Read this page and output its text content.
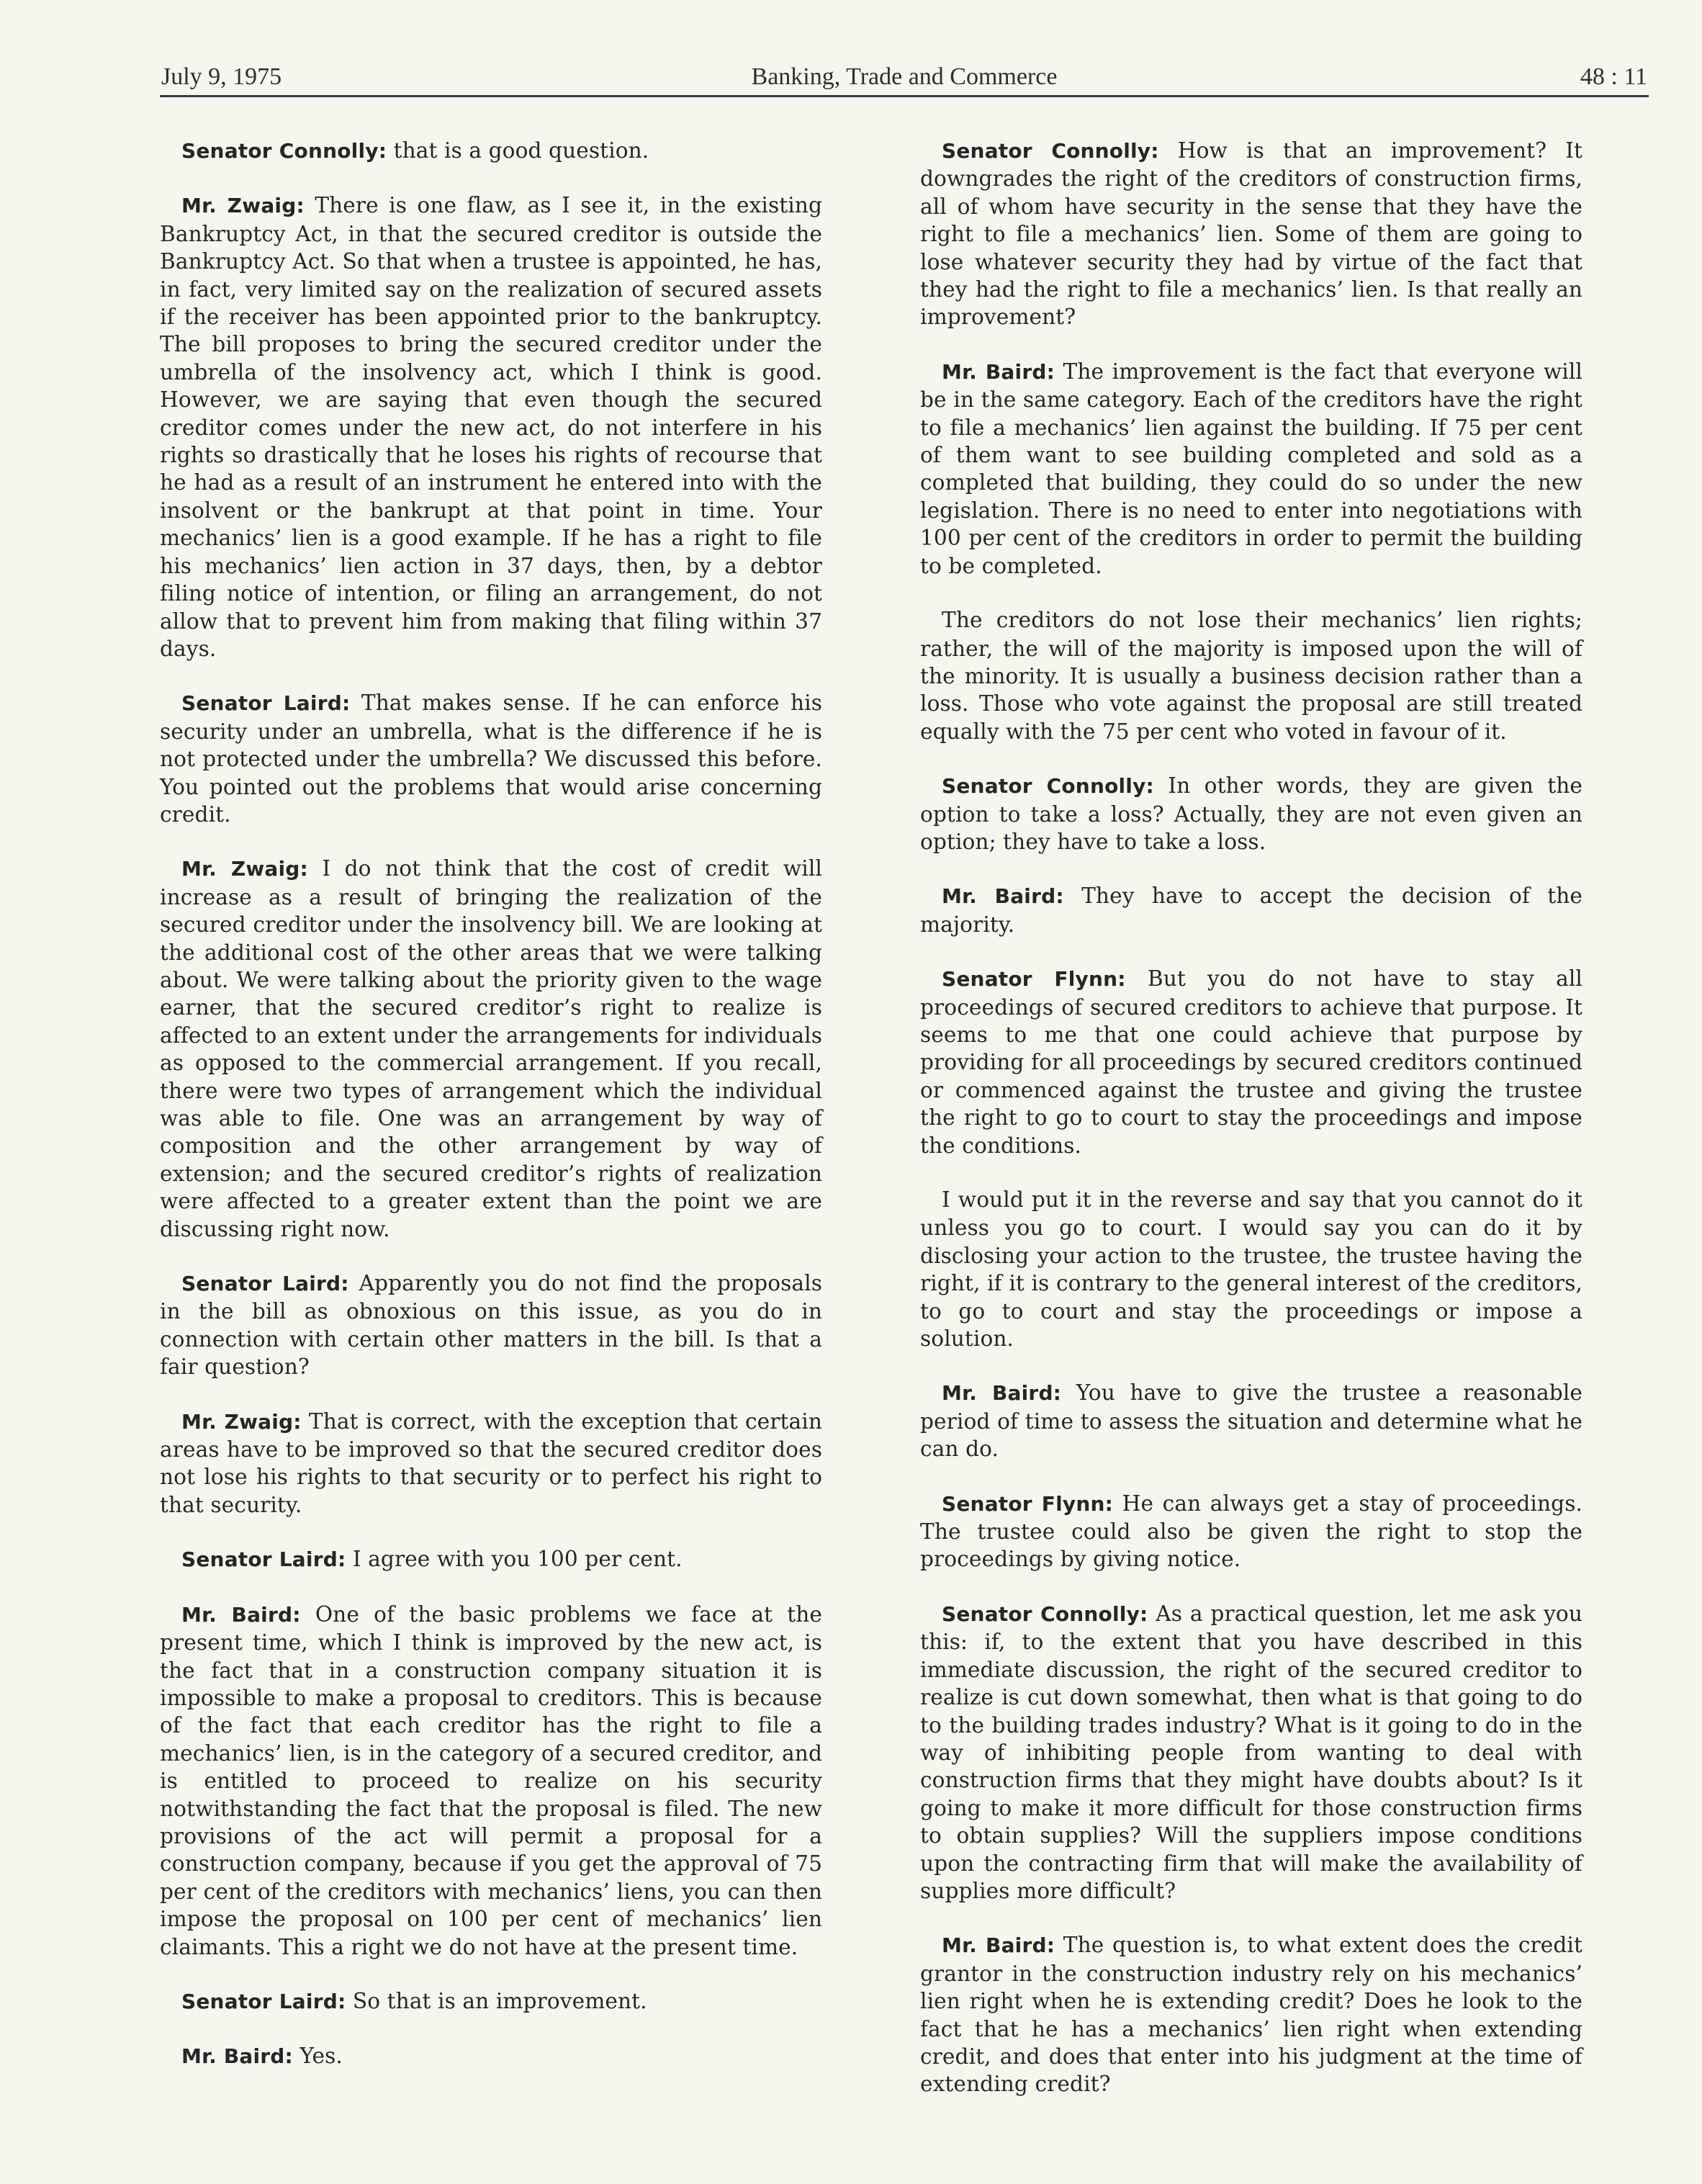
July 9, 1975	Banking, Trade and Commerce	48 : 11

Senator Connolly: that is a good question.

Mr. Zwaig: There is one flaw, as I see it, in the existing Bankruptcy Act, in that the secured creditor is outside the Bankruptcy Act. So that when a trustee is appointed, he has, in fact, very limited say on the realization of secured assets if the receiver has been appointed prior to the bankruptcy. The bill proposes to bring the secured creditor under the umbrella of the insolvency act, which I think is good. However, we are saying that even though the secured creditor comes under the new act, do not interfere in his rights so drastically that he loses his rights of recourse that he had as a result of an instrument he entered into with the insolvent or the bankrupt at that point in time. Your mechanics’ lien is a good example. If he has a right to file his mechanics’ lien action in 37 days, then, by a debtor filing notice of intention, or filing an arrangement, do not allow that to prevent him from making that filing within 37 days.

Senator Laird: That makes sense. If he can enforce his security under an umbrella, what is the difference if he is not protected under the umbrella? We discussed this before. You pointed out the problems that would arise concerning credit.

Mr. Zwaig: I do not think that the cost of credit will increase as a result of bringing the realization of the secured creditor under the insolvency bill. We are looking at the additional cost of the other areas that we were talking about. We were talking about the priority given to the wage earner, that the secured creditor’s right to realize is affected to an extent under the arrangements for individuals as opposed to the commercial arrangement. If you recall, there were two types of arrangement which the individual was able to file. One was an arrangement by way of composition and the other arrangement by way of extension; and the secured creditor’s rights of realization were affected to a greater extent than the point we are discussing right now.

Senator Laird: Apparently you do not find the proposals in the bill as obnoxious on this issue, as you do in connection with certain other matters in the bill. Is that a fair question?

Mr. Zwaig: That is correct, with the exception that certain areas have to be improved so that the secured creditor does not lose his rights to that security or to perfect his right to that security.

Senator Laird: I agree with you 100 per cent.

Mr. Baird: One of the basic problems we face at the present time, which I think is improved by the new act, is the fact that in a construction company situation it is impossible to make a proposal to creditors. This is because of the fact that each creditor has the right to file a mechanics’ lien, is in the category of a secured creditor, and is entitled to proceed to realize on his security notwithstanding the fact that the proposal is filed. The new provisions of the act will permit a proposal for a construction company, because if you get the approval of 75 per cent of the creditors with mechanics’ liens, you can then impose the proposal on 100 per cent of mechanics’ lien claimants. This a right we do not have at the present time.

Senator Laird: So that is an improvement.

Mr. Baird: Yes.

Senator Connolly: How is that an improvement? It downgrades the right of the creditors of construction firms, all of whom have security in the sense that they have the right to file a mechanics’ lien. Some of them are going to lose whatever security they had by virtue of the fact that they had the right to file a mechanics’ lien. Is that really an improvement?

Mr. Baird: The improvement is the fact that everyone will be in the same category. Each of the creditors have the right to file a mechanics’ lien against the building. If 75 per cent of them want to see building completed and sold as a completed that building, they could do so under the new legislation. There is no need to enter into negotiations with 100 per cent of the creditors in order to permit the building to be completed.

The creditors do not lose their mechanics’ lien rights; rather, the will of the majority is imposed upon the will of the minority. It is usually a business decision rather than a loss. Those who vote against the proposal are still treated equally with the 75 per cent who voted in favour of it.

Senator Connolly: In other words, they are given the option to take a loss? Actually, they are not even given an option; they have to take a loss.

Mr. Baird: They have to accept the decision of the majority.

Senator Flynn: But you do not have to stay all proceedings of secured creditors to achieve that purpose. It seems to me that one could achieve that purpose by providing for all proceedings by secured creditors continued or commenced against the trustee and giving the trustee the right to go to court to stay the proceedings and impose the conditions.

I would put it in the reverse and say that you cannot do it unless you go to court. I would say you can do it by disclosing your action to the trustee, the trustee having the right, if it is contrary to the general interest of the creditors, to go to court and stay the proceedings or impose a solution.

Mr. Baird: You have to give the trustee a reasonable period of time to assess the situation and determine what he can do.

Senator Flynn: He can always get a stay of proceedings. The trustee could also be given the right to stop the proceedings by giving notice.

Senator Connolly: As a practical question, let me ask you this: if, to the extent that you have described in this immediate discussion, the right of the secured creditor to realize is cut down somewhat, then what is that going to do to the building trades industry? What is it going to do in the way of inhibiting people from wanting to deal with construction firms that they might have doubts about? Is it going to make it more difficult for those construction firms to obtain supplies? Will the suppliers impose conditions upon the contracting firm that will make the availability of supplies more difficult?

Mr. Baird: The question is, to what extent does the credit grantor in the construction industry rely on his mechanics’ lien right when he is extending credit? Does he look to the fact that he has a mechanics’ lien right when extending credit, and does that enter into his judgment at the time of extending credit?
